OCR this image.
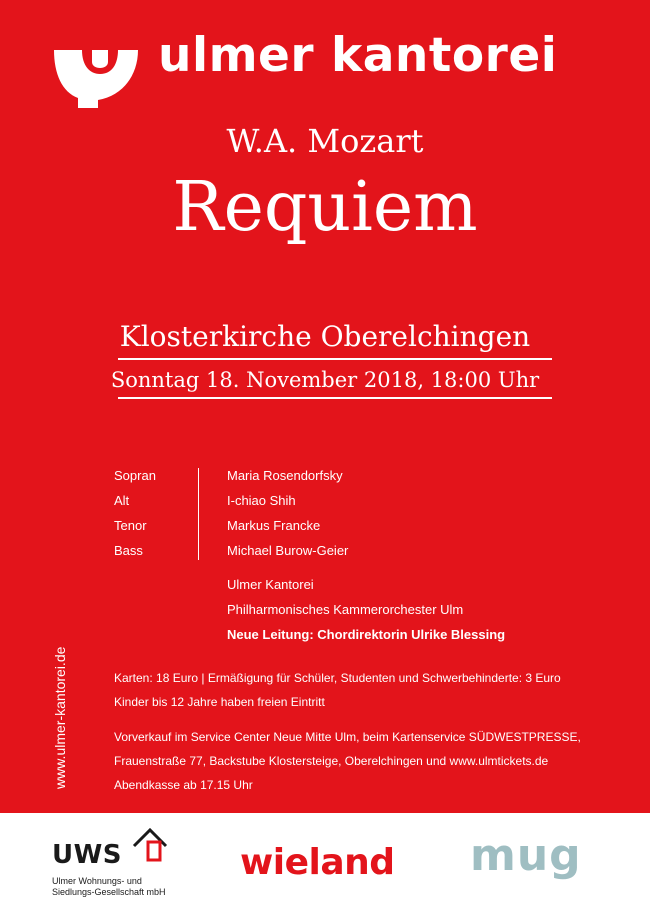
ulmer kantorei
W.A. Mozart
Requiem
Klosterkirche Oberelchingen
Sonntag 18. November 2018, 18:00 Uhr
www.ulmer-kantorei.de
Sopran	Maria Rosendorfsky
Alt	I-chiao Shih
Tenor	Markus Francke
Bass	Michael Burow-Geier
Ulmer Kantorei
Philharmonisches Kammerorchester Ulm
Neue Leitung: Chordirektorin Ulrike Blessing
Karten: 18 Euro | Ermäßigung für Schüler, Studenten und Schwerbehinderte: 3 Euro
Kinder bis 12 Jahre haben freien Eintritt
Vorverkauf im Service Center Neue Mitte Ulm, beim Kartenservice SÜDWESTPRESSE,
Frauenstraße 77, Backstube Klostersteige, Oberelchingen und www.ulmtickets.de
Abendkasse ab 17.15 Uhr
UWS
Ulmer Wohnungs- und
Siedlungs-Gesellschaft mbH
wieland mug
